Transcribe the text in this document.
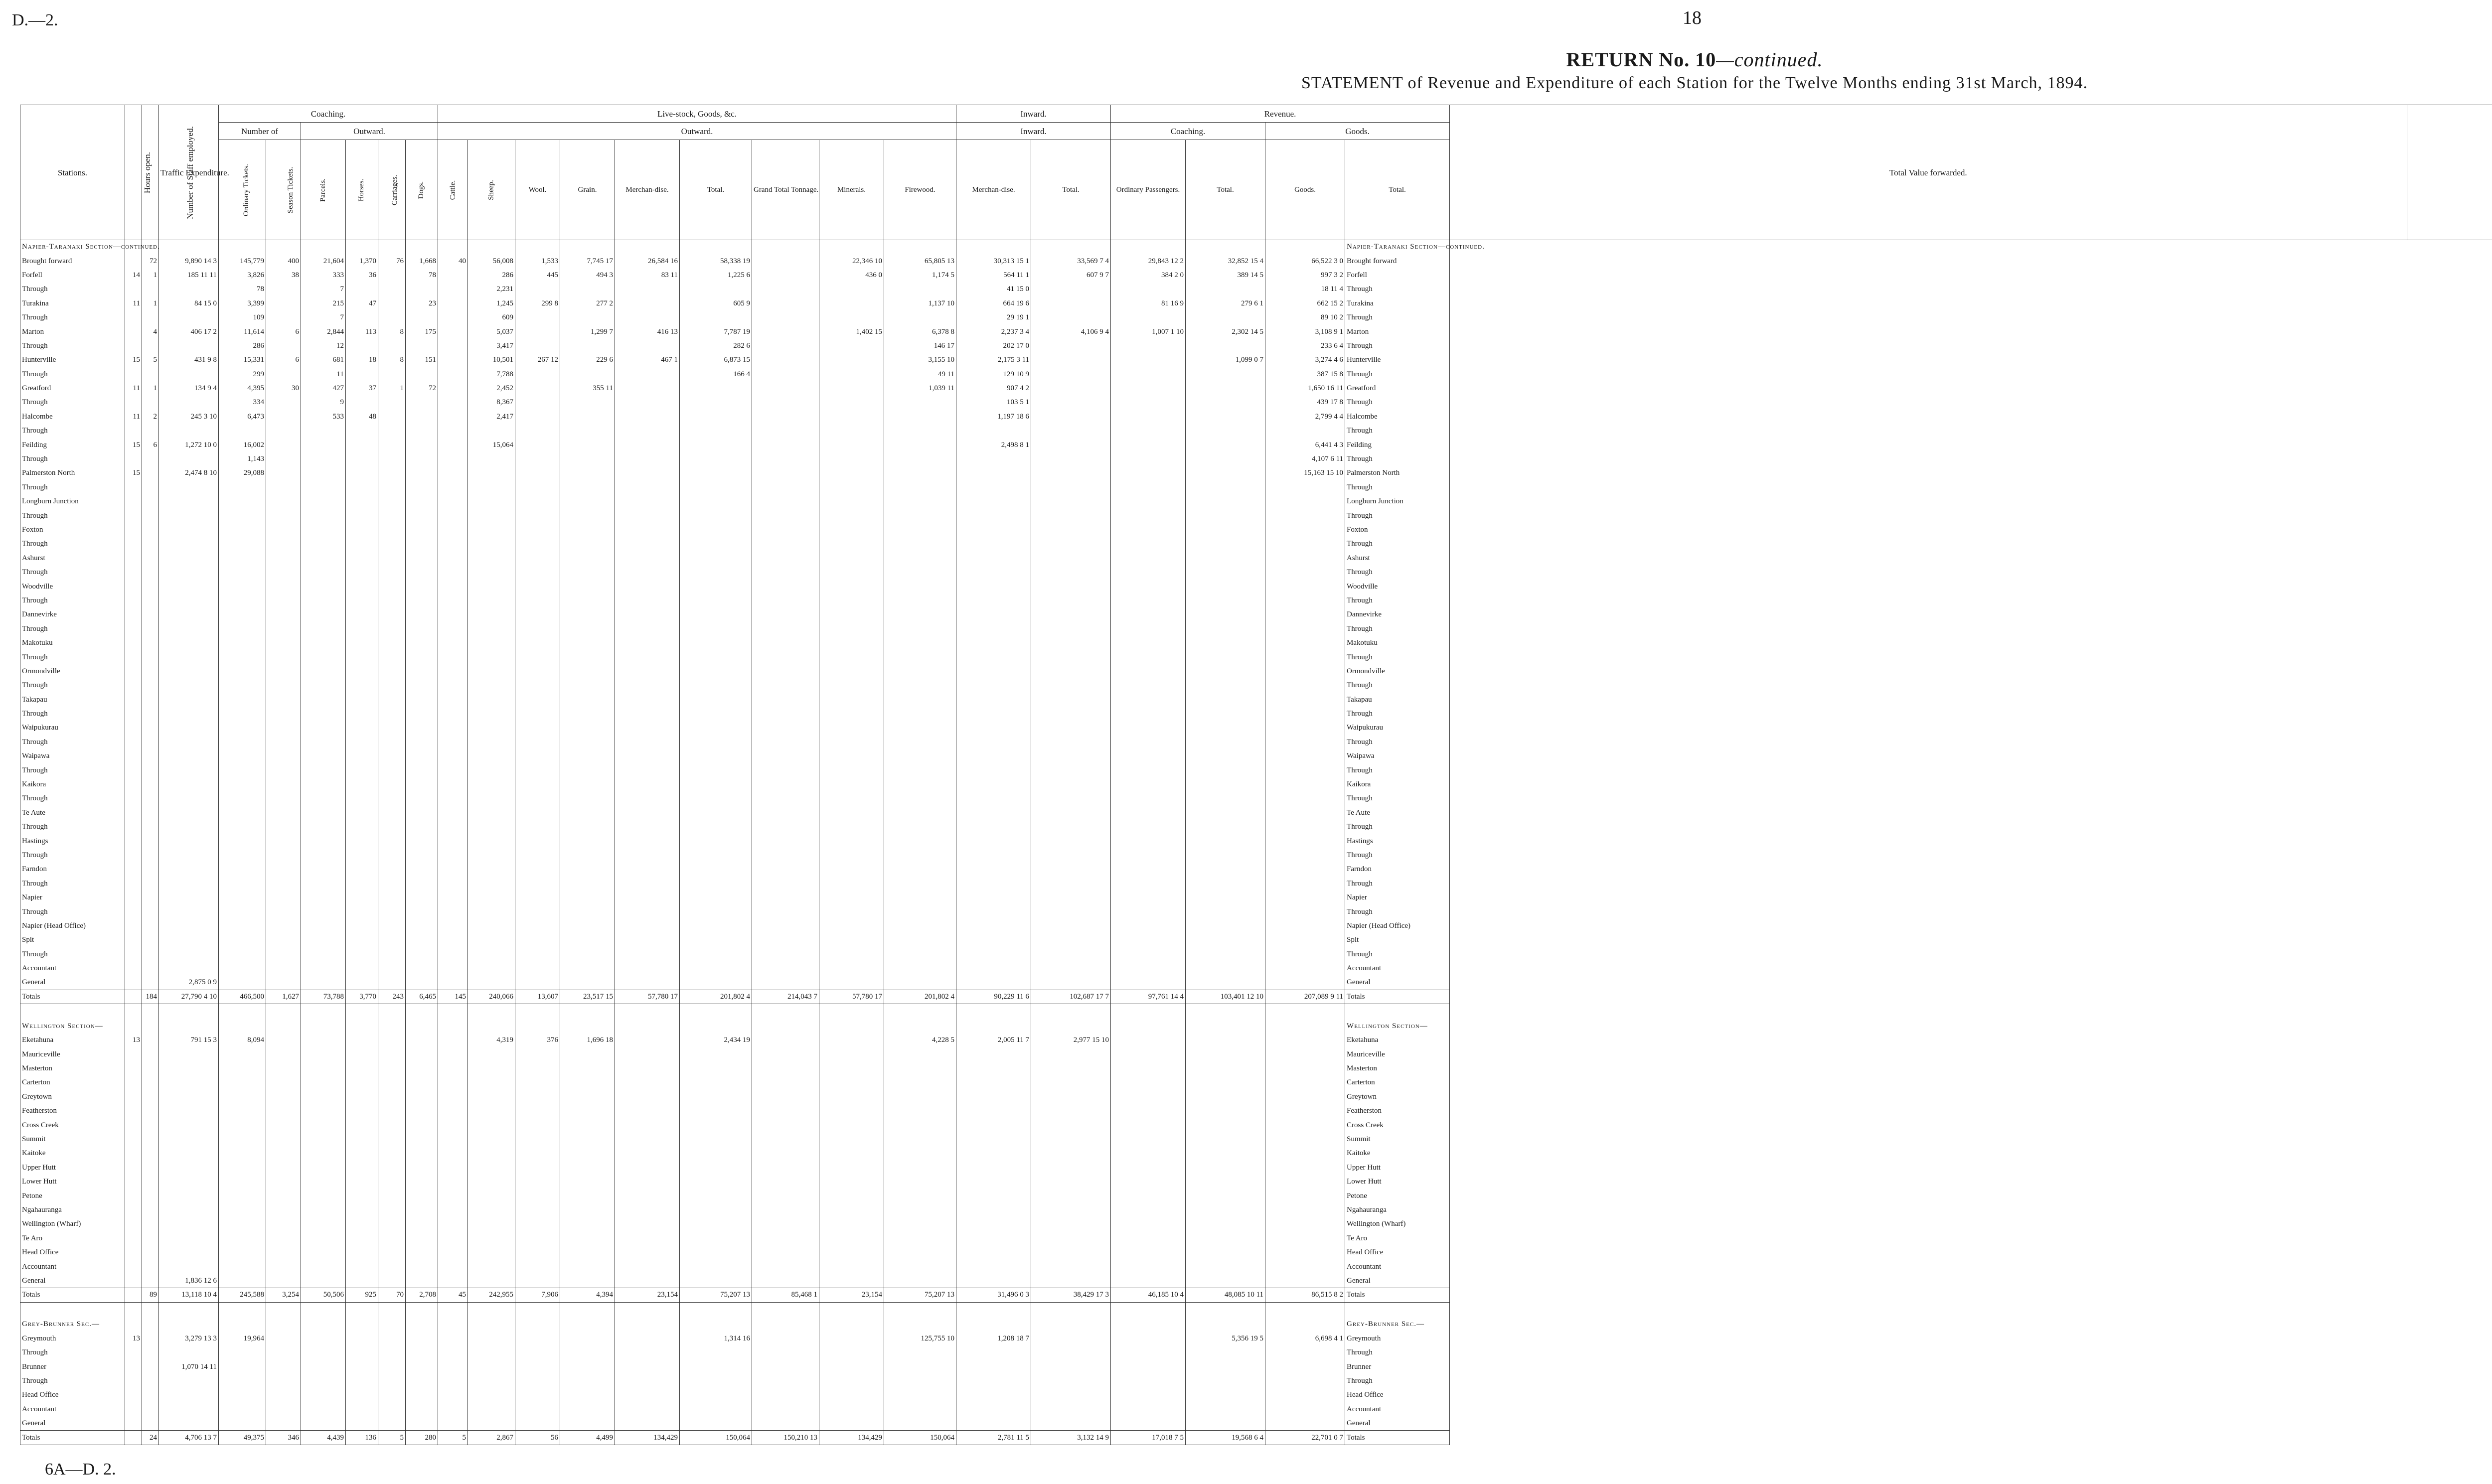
D.—2.	18
RETURN No. 10—continued.
STATEMENT of Revenue and Expenditure of each Station for the Twelve Months ending 31st March, 1894.
Stations.	Hours open.	Number of Staff employed.	Traffic Expenditure.	Coaching.						Live-stock, Goods, &c.									Inward.		Revenue.				Total Value forwarded.	
				Number of		Outward.				Outward.									Inward.		Coaching.		Goods.			
				Ordinary Tickets.	Season Tickets.	Parcels.	Horses.	Carriages.	Dogs.	Cattle.	Sheep.	Wool.	Grain.	Merchan-dise.	Total.	Grand Total Tonnage.	Minerals.	Firewood.	Merchan-dise.	Total.	Ordinary Passengers.	Total.	Goods.	Total.		
Napier-Taranaki Section—continued.																								Napier-Taranaki Section—continued.		
Brought forward		72	9,890 14 3	145,779	400	21,604	1,370	76	1,668	40	56,008	1,533	7,745 17	26,584 16	58,338 19		22,346 10	65,805 13	30,313 15 1	33,569 7 4	29,843 12 2	32,852 15 4	66,522 3 0	Brought forward		
Forfell	14	1	185 11 11	3,826	38	333	36		78		286	445	494 3	83 11	1,225 6		436 0	1,174 5	564 11 1	607 9 7	384 2 0	389 14 5	997 3 2	Forfell		
Through				78		7					2,231								41 15 0				18 11 4	Through		
Turakina	11	1	84 15 0	3,399		215	47		23		1,245	299 8	277 2		605 9			1,137 10	664 19 6		81 16 9	279 6 1	662 15 2	Turakina		
Through				109		7					609								29 19 1				89 10 2	Through		
Marton		4	406 17 2	11,614	6	2,844	113	8	175		5,037		1,299 7	416 13	7,787 19		1,402 15	6,378 8	2,237 3 4	4,106 9 4	1,007 1 10	2,302 14 5	3,108 9 1	Marton		
Through				286		12					3,417				282 6			146 17	202 17 0				233 6 4	Through		
Hunterville	15	5	431 9 8	15,331	6	681	18	8	151		10,501	267 12	229 6	467 1	6,873 15			3,155 10	2,175 3 11			1,099 0 7	3,274 4 6	Hunterville		
Through				299		11					7,788				166 4			49 11	129 10 9				387 15 8	Through		
Greatford	11	1	134 9 4	4,395	30	427	37	1	72		2,452		355 11					1,039 11	907 4 2				1,650 16 11	Greatford		
Through				334		9					8,367								103 5 1				439 17 8	Through		
Halcombe	11	2	245 3 10	6,473		533	48				2,417								1,197 18 6				2,799 4 4	Halcombe		
Through																								Through		
Feilding	15	6	1,272 10 0	16,002							15,064								2,498 8 1				6,441 4 3	Feilding		
Through				1,143																			4,107 6 11	Through		
Palmerston North	15		2,474 8 10	29,088																			15,163 15 10	Palmerston North		
Through																								Through		
Longburn Junction																								Longburn Junction		
Through																								Through		
Foxton																								Foxton		
Through																								Through		
Ashurst																								Ashurst		
Through																								Through		
Woodville																								Woodville		
Through																								Through		
Dannevirke																								Dannevirke		
Through																								Through		
Makotuku																								Makotuku		
Through																								Through		
Ormondville																								Ormondville		
Through																								Through		
Takapau																								Takapau		
Through																								Through		
Waipukurau																								Waipukurau		
Through																								Through		
Waipawa																								Waipawa		
Through																								Through		
Kaikora																								Kaikora		
Through																								Through		
Te Aute																								Te Aute		
Through																								Through		
Hastings																								Hastings		
Through																								Through		
Farndon																								Farndon		
Through																								Through		
Napier																								Napier		
Through																								Through		
Napier (Head Office)																								Napier (Head Office)		
Spit																								Spit		
Through																								Through		
Accountant																								Accountant		
General			2,875 0 9																					General		
Totals		184	27,790 4 10	466,500	1,627	73,788	3,770	243	6,465	145	240,066	13,607	23,517 15	57,780 17	201,802 4	214,043 7	57,780 17	201,802 4	90,229 11 6	102,687 17 7	97,761 14 4	103,401 12 10	207,089 9 11	Totals		

Wellington Section—																								Wellington Section—		
Eketahuna	13		791 15 3	8,094							4,319	376	1,696 18		2,434 19			4,228 5	2,005 11 7	2,977 15 10				Eketahuna		
Mauriceville																								Mauriceville		
Masterton																								Masterton		
Carterton																								Carterton		
Greytown																								Greytown		
Featherston																								Featherston		
Cross Creek																								Cross Creek		
Summit																								Summit		
Kaitoke																								Kaitoke		
Upper Hutt																								Upper Hutt		
Lower Hutt																								Lower Hutt		
Petone																								Petone		
Ngahauranga																								Ngahauranga		
Wellington (Wharf)																								Wellington (Wharf)		
Te Aro																								Te Aro		
Head Office																								Head Office		
Accountant																								Accountant		
General			1,836 12 6																					General		
Totals		89	13,118 10 4	245,588	3,254	50,506	925	70	2,708	45	242,955	7,906	4,394	23,154	75,207 13	85,468 1	23,154	75,207 13	31,496 0 3	38,429 17 3	46,185 10 4	48,085 10 11	86,515 8 2	Totals		

Grey-Brunner Sec.—																								Grey-Brunner Sec.—		
Greymouth	13		3,279 13 3	19,964											1,314 16			125,755 10	1,208 18 7			5,356 19 5	6,698 4 1	Greymouth		
Through																								Through		
Brunner			1,070 14 11																					Brunner		
Through																								Through		
Head Office																								Head Office		
Accountant																								Accountant		
General																								General		
Totals		24	4,706 13 7	49,375	346	4,439	136	5	280	5	2,867	56	4,499	134,429	150,064	150,210 13	134,429	150,064	2,781 11 5	3,132 14 9	17,018 7 5	19,568 6 4	22,701 0 7	Totals		
6A—D. 2.
